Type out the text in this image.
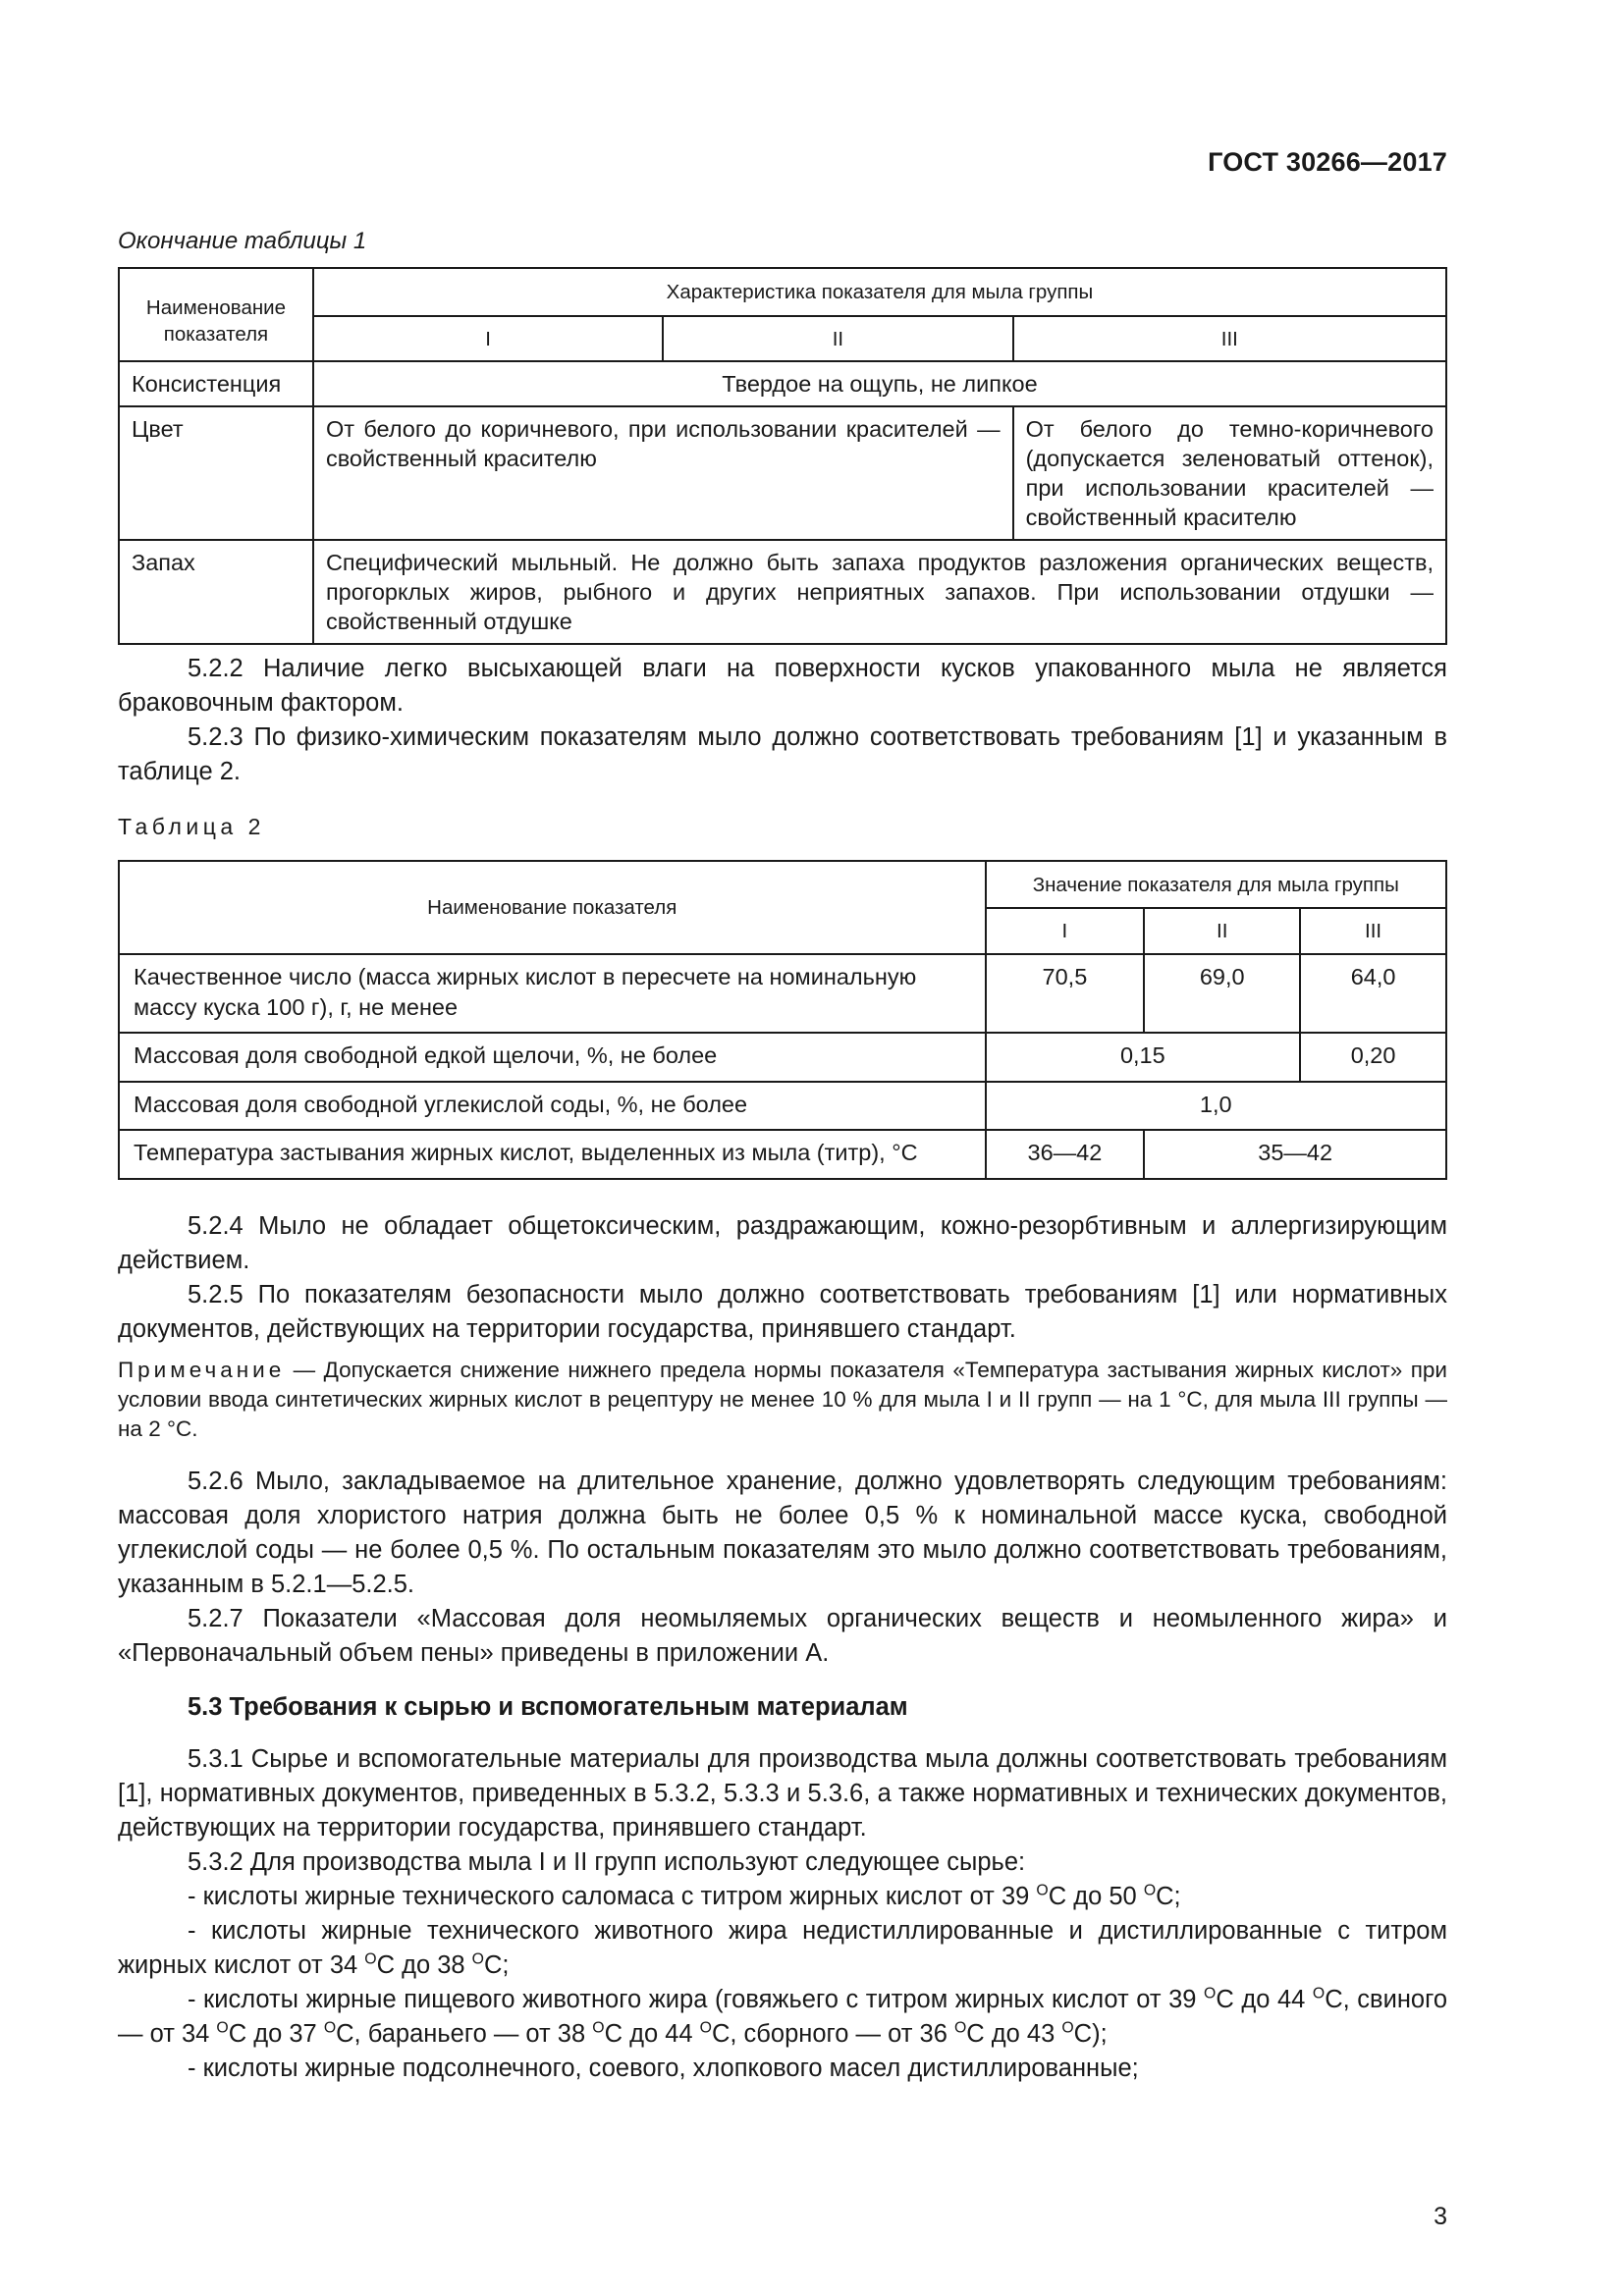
ГОСТ 30266—2017
Окончание таблицы 1
Наименование показателя	Характеристика показателя для мыла группы		
	I	II	III
Консистенция	Твердое на ощупь, не липкое		
Цвет	От белого до коричневого, при использовании красителей — свойственный красителю		От белого до темно-коричневого (допускается зеленоватый оттенок), при использовании красителей — свойственный красителю
Запах	Специфический мыльный. Не должно быть запаха продуктов разложения органических веществ, прогорклых жиров, рыбного и других неприятных запахов. При использовании отдушки — свойственный отдушке		
5.2.2 Наличие легко высыхающей влаги на поверхности кусков упакованного мыла не является браковочным фактором.
5.2.3 По физико-химическим показателям мыло должно соответствовать требованиям [1] и указанным в таблице 2.
Таблица 2
Наименование показателя	Значение показателя для мыла группы		
	I	II	III
Качественное число (масса жирных кислот в пересчете на номинальную массу куска 100 г), г, не менее	70,5	69,0	64,0
Массовая доля свободной едкой щелочи, %, не более	0,15		0,20
Массовая доля свободной углекислой соды, %, не более	1,0		
Температура застывания жирных кислот, выделенных из мыла (титр), °С	36—42	35—42	
5.2.4 Мыло не обладает общетоксическим, раздражающим, кожно-резорбтивным и аллергизирующим действием.
5.2.5 По показателям безопасности мыло должно соответствовать требованиям [1] или нормативных документов, действующих на территории государства, принявшего стандарт.
Примечание — Допускается снижение нижнего предела нормы показателя «Температура застывания жирных кислот» при условии ввода синтетических жирных кислот в рецептуру не менее 10 % для мыла I и II групп — на 1 °С, для мыла III группы — на 2 °С.
5.2.6 Мыло, закладываемое на длительное хранение, должно удовлетворять следующим требованиям: массовая доля хлористого натрия должна быть не более 0,5 % к номинальной массе куска, свободной углекислой соды — не более 0,5 %. По остальным показателям это мыло должно соответствовать требованиям, указанным в 5.2.1—5.2.5.
5.2.7 Показатели «Массовая доля неомыляемых органических веществ и неомыленного жира» и «Первоначальный объем пены» приведены в приложении А.
5.3 Требования к сырью и вспомогательным материалам
5.3.1 Сырье и вспомогательные материалы для производства мыла должны соответствовать требованиям [1], нормативных документов, приведенных в 5.3.2, 5.3.3 и 5.3.6, а также нормативных и технических документов, действующих на территории государства, принявшего стандарт.
5.3.2 Для производства мыла I и II групп используют следующее сырье:
- кислоты жирные технического саломаса с титром жирных кислот от 39 $^O$С до 50 $^O$С;
- кислоты жирные технического животного жира недистиллированные и дистиллированные с титром жирных кислот от 34 $^O$С до 38 $^O$С;
- кислоты жирные пищевого животного жира (говяжьего с титром жирных кислот от 39 $^O$С до 44 $^O$С, свиного — от 34 $^O$С до 37 $^O$С, бараньего — от 38 $^O$С до 44 $^O$С, сборного — от 36 $^O$С до 43 $^O$С);
- кислоты жирные подсолнечного, соевого, хлопкового масел дистиллированные;
3
